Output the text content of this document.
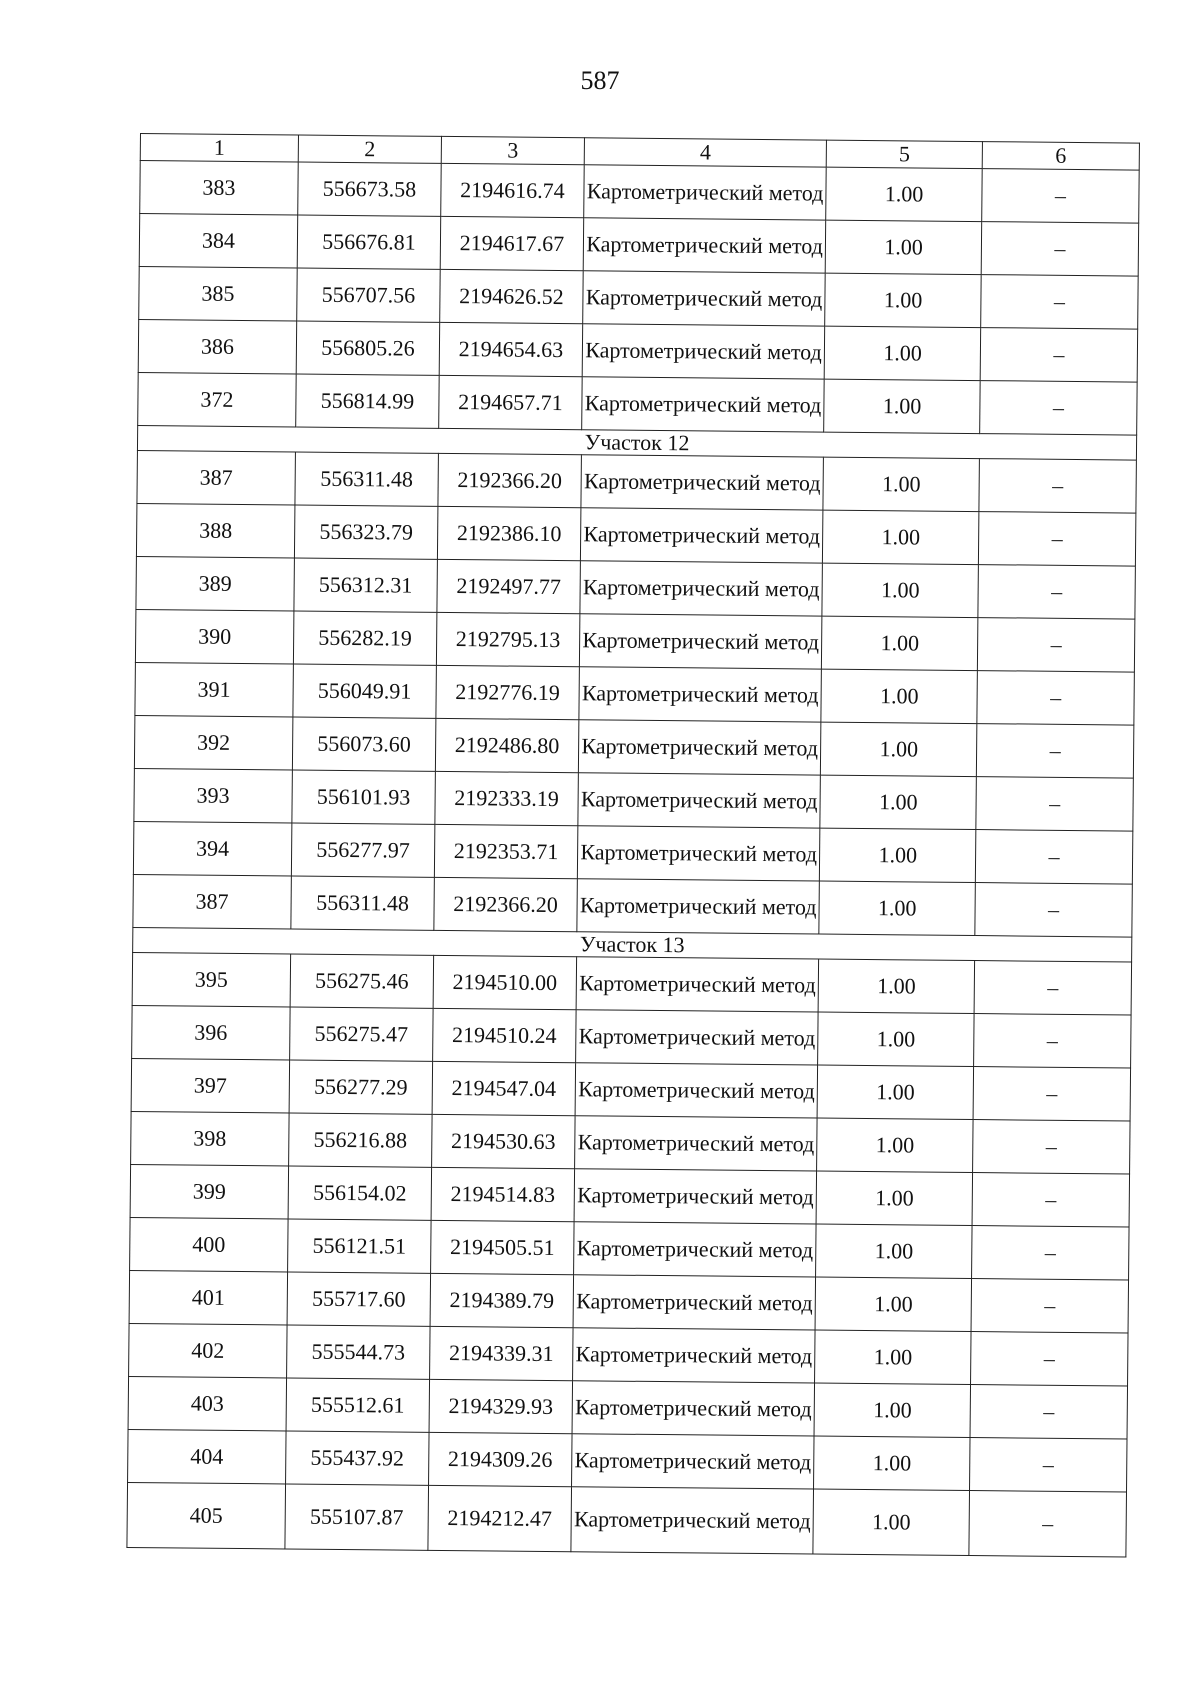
587
1	2	3	4	5	6
383	556673.58	2194616.74	Картометрический метод	1.00	–
384	556676.81	2194617.67	Картометрический метод	1.00	–
385	556707.56	2194626.52	Картометрический метод	1.00	–
386	556805.26	2194654.63	Картометрический метод	1.00	–
372	556814.99	2194657.71	Картометрический метод	1.00	–
Участок 12					
387	556311.48	2192366.20	Картометрический метод	1.00	–
388	556323.79	2192386.10	Картометрический метод	1.00	–
389	556312.31	2192497.77	Картометрический метод	1.00	–
390	556282.19	2192795.13	Картометрический метод	1.00	–
391	556049.91	2192776.19	Картометрический метод	1.00	–
392	556073.60	2192486.80	Картометрический метод	1.00	–
393	556101.93	2192333.19	Картометрический метод	1.00	–
394	556277.97	2192353.71	Картометрический метод	1.00	–
387	556311.48	2192366.20	Картометрический метод	1.00	–
Участок 13					
395	556275.46	2194510.00	Картометрический метод	1.00	–
396	556275.47	2194510.24	Картометрический метод	1.00	–
397	556277.29	2194547.04	Картометрический метод	1.00	–
398	556216.88	2194530.63	Картометрический метод	1.00	–
399	556154.02	2194514.83	Картометрический метод	1.00	–
400	556121.51	2194505.51	Картометрический метод	1.00	–
401	555717.60	2194389.79	Картометрический метод	1.00	–
402	555544.73	2194339.31	Картометрический метод	1.00	–
403	555512.61	2194329.93	Картометрический метод	1.00	–
404	555437.92	2194309.26	Картометрический метод	1.00	–
405	555107.87	2194212.47	Картометрический метод	1.00	–
